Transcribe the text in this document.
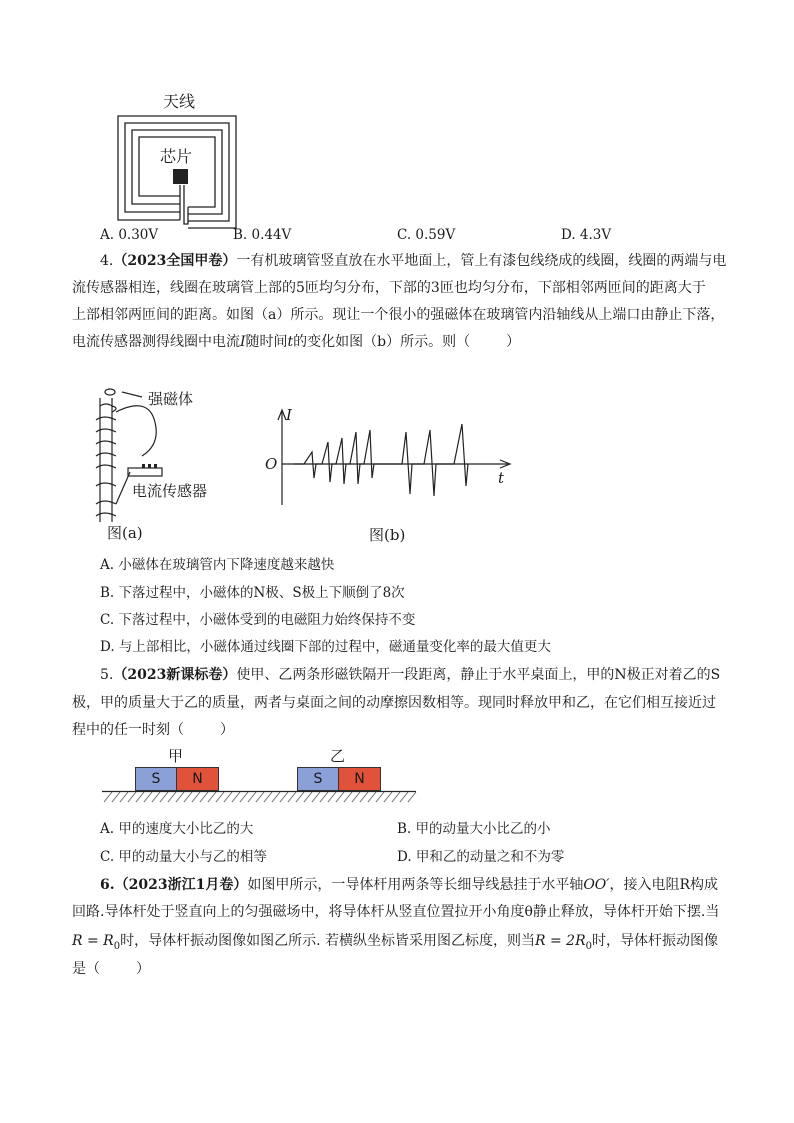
天线
芯片
A. 0.30V	B. 0.44V	C. 0.59V	D. 4.3V
4.（2023全国甲卷）一有机玻璃管竖直放在水平地面上，管上有漆包线绕成的线圈，线圈的两端与电
流传感器相连，线圈在玻璃管上部的5匝均匀分布，下部的3匝也均匀分布，下部相邻两匝间的距离大于
上部相邻两匝间的距离。如图（a）所示。现让一个很小的强磁体在玻璃管内沿轴线从上端口由静止下落，
电流传感器测得线圈中电流I随时间t的变化如图（b）所示。则（	）
强磁体
电流传感器
图(a)
I
t
O
图(b)
A. 小磁体在玻璃管内下降速度越来越快
B. 下落过程中，小磁体的N极、S极上下顺倒了8次
C. 下落过程中，小磁体受到的电磁阻力始终保持不变
D. 与上部相比，小磁体通过线圈下部的过程中，磁通量变化率的最大值更大
5.（2023新课标卷）使甲、乙两条形磁铁隔开一段距离，静止于水平桌面上，甲的N极正对着乙的S
极，甲的质量大于乙的质量，两者与桌面之间的动摩擦因数相等。现同时释放甲和乙，在它们相互接近过
程中的任一时刻（	）
甲	乙
S N	S N
A. 甲的速度大小比乙的大	B. 甲的动量大小比乙的小
C. 甲的动量大小与乙的相等	D. 甲和乙的动量之和不为零
6.（2023浙江1月卷）如图甲所示，一导体杆用两条等长细导线悬挂于水平轴OO′，接入电阻R构成
回路.导体杆处于竖直向上的匀强磁场中，将导体杆从竖直位置拉开小角度θ静止释放，导体杆开始下摆.当
$R = R_0$时，导体杆振动图像如图乙所示. 若横纵坐标皆采用图乙标度，则当$R = 2R_0$时，导体杆振动图像
是（	）
